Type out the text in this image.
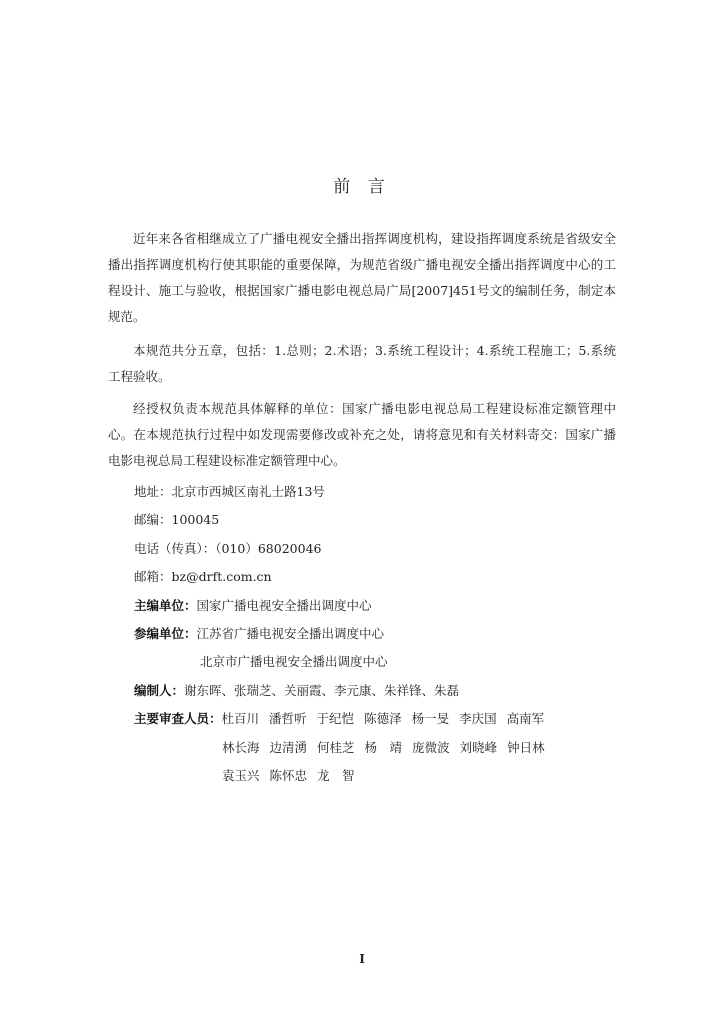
前 言

近年来各省相继成立了广播电视安全播出指挥调度机构，建设指挥调度系统是省级安全播出指挥调度机构行使其职能的重要保障，为规范省级广播电视安全播出指挥调度中心的工程设计、施工与验收，根据国家广播电影电视总局广局[2007]451号文的编制任务，制定本规范。

本规范共分五章，包括：1.总则；2.术语；3.系统工程设计；4.系统工程施工；5.系统工程验收。

经授权负责本规范具体解释的单位：国家广播电影电视总局工程建设标准定额管理中心。在本规范执行过程中如发现需要修改或补充之处，请将意见和有关材料寄交：国家广播电影电视总局工程建设标准定额管理中心。

地址：北京市西城区南礼士路13号
邮编：100045
电话（传真）：（010）68020046
邮箱：bz@drft.com.cn
主编单位：国家广播电视安全播出调度中心
参编单位：江苏省广播电视安全播出调度中心
北京市广播电视安全播出调度中心
编制人：谢东晖、张瑞芝、关丽霞、李元康、朱祥锋、朱磊
主要审查人员：杜百川 潘哲听 于纪恺 陈德泽 杨一旻 李庆国 高南军
林长海 边清湧 何桂芝 杨　靖 庞微波 刘晓峰 钟日林
袁玉兴 陈怀忠 龙　智
I
